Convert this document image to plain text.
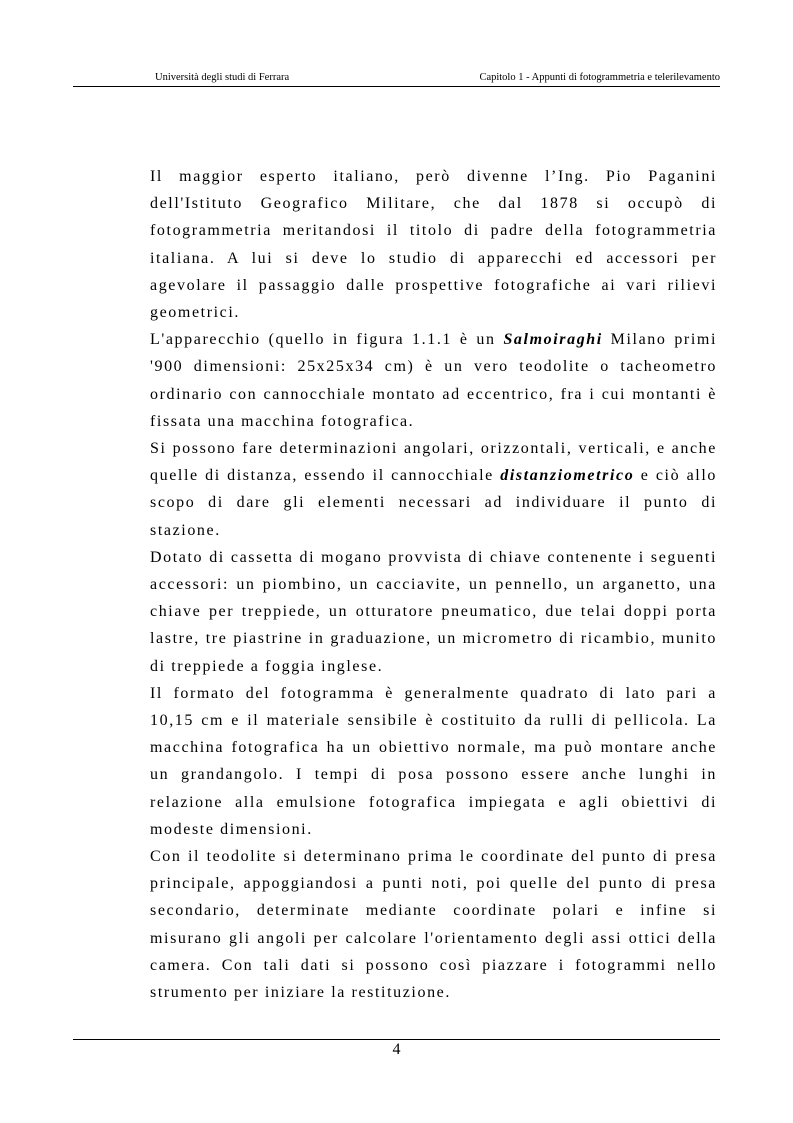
Università degli studi di Ferrara	Capitolo 1 - Appunti di fotogrammetria e telerilevamento

Il maggior esperto italiano, però divenne l’Ing. Pio Paganini dell'Istituto Geografico Militare, che dal 1878 si occupò di fotogrammetria meritandosi il titolo di padre della fotogrammetria italiana. A lui si deve lo studio di apparecchi ed accessori per agevolare il passaggio dalle prospettive fotografiche ai vari rilievi geometrici.

L'apparecchio (quello in figura 1.1.1 è un Salmoiraghi Milano primi '900 dimensioni: 25x25x34 cm) è un vero teodolite o tacheometro ordinario con cannocchiale montato ad eccentrico, fra i cui montanti è fissata una macchina fotografica.

Si possono fare determinazioni angolari, orizzontali, verticali, e anche quelle di distanza, essendo il cannocchiale distanziometrico e ciò allo scopo di dare gli elementi necessari ad individuare il punto di stazione.

Dotato di cassetta di mogano provvista di chiave contenente i seguenti accessori: un piombino, un cacciavite, un pennello, un arganetto, una chiave per treppiede, un otturatore pneumatico, due telai doppi porta lastre, tre piastrine in graduazione, un micrometro di ricambio, munito di treppiede a foggia inglese.

Il formato del fotogramma è generalmente quadrato di lato pari a 10,15 cm e il materiale sensibile è costituito da rulli di pellicola. La macchina fotografica ha un obiettivo normale, ma può montare anche un grandangolo. I tempi di posa possono essere anche lunghi in relazione alla emulsione fotografica impiegata e agli obiettivi di modeste dimensioni.

Con il teodolite si determinano prima le coordinate del punto di presa principale, appoggiandosi a punti noti, poi quelle del punto di presa secondario, determinate mediante coordinate polari e infine si misurano gli angoli per calcolare l'orientamento degli assi ottici della camera. Con tali dati si possono così piazzare i fotogrammi nello strumento per iniziare la restituzione.

4
